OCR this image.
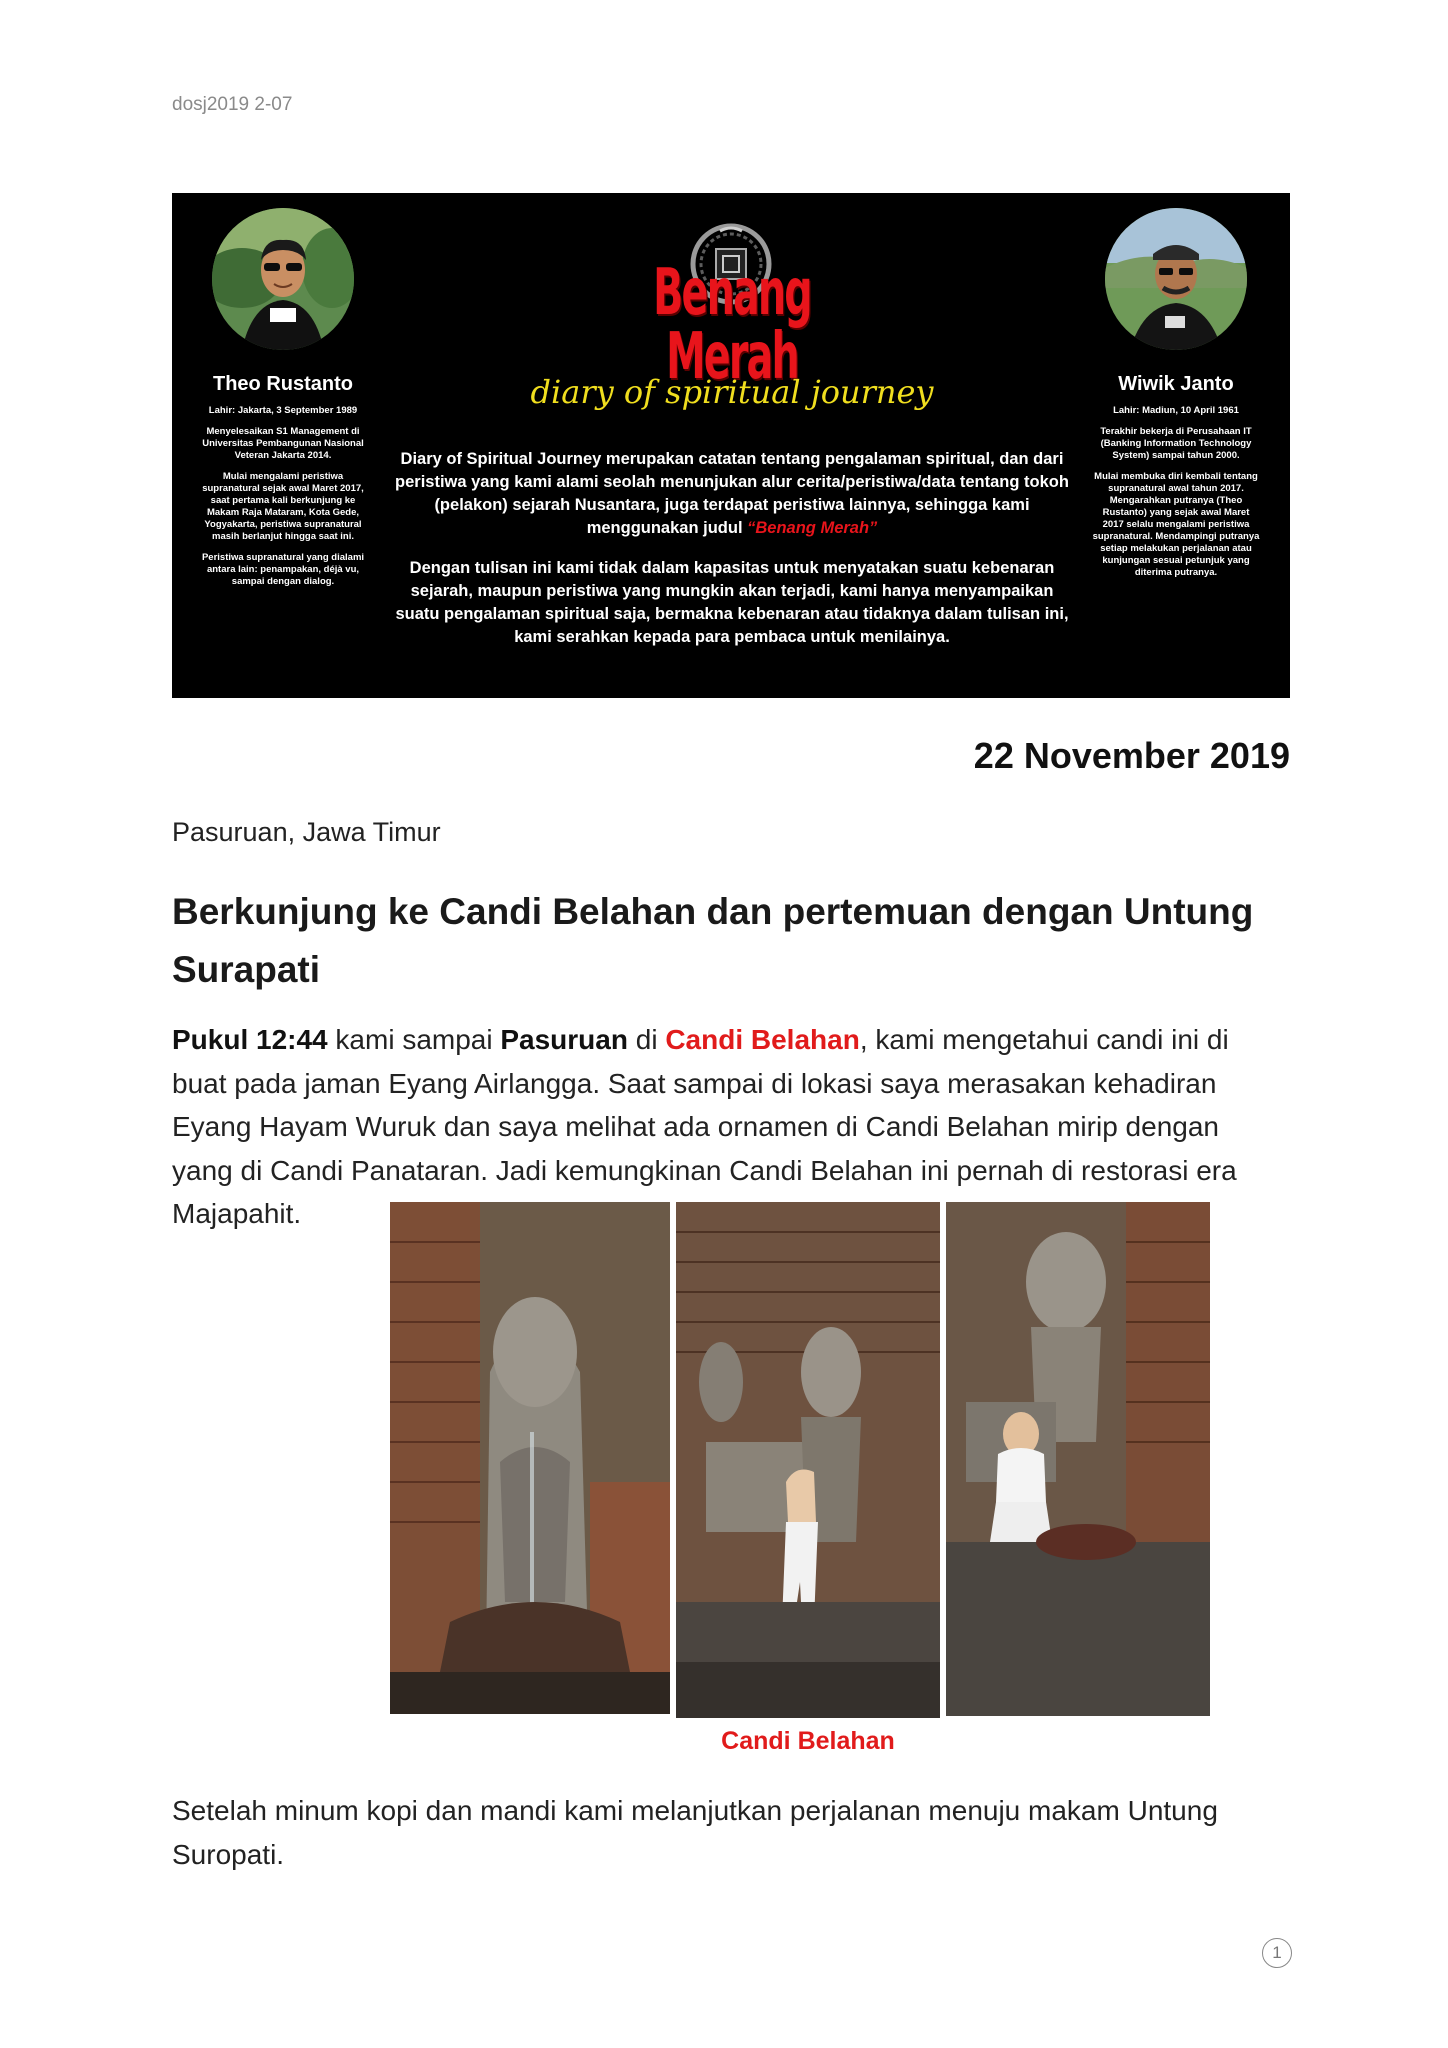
dosj2019 2-07
Theo Rustanto

Lahir: Jakarta, 3 September 1989

Menyelesaikan S1 Management di Universitas Pembangunan Nasional Veteran Jakarta 2014.

Mulai mengalami peristiwa supranatural sejak awal Maret 2017, saat pertama kali berkunjung ke Makam Raja Mataram, Kota Gede, Yogyakarta, peristiwa supranatural masih berlanjut hingga saat ini.

Peristiwa supranatural yang dialami antara lain: penampakan, déjà vu, sampai dengan dialog.

Benang Merah
diary of spiritual journey

Diary of Spiritual Journey merupakan catatan tentang pengalaman spiritual, dan dari peristiwa yang kami alami seolah menunjukan alur cerita/peristiwa/data tentang tokoh (pelakon) sejarah Nusantara, juga terdapat peristiwa lainnya, sehingga kami menggunakan judul “Benang Merah”

Dengan tulisan ini kami tidak dalam kapasitas untuk menyatakan suatu kebenaran sejarah, maupun peristiwa yang mungkin akan terjadi, kami hanya menyampaikan suatu pengalaman spiritual saja, bermakna kebenaran atau tidaknya dalam tulisan ini, kami serahkan kepada para pembaca untuk menilainya.

Wiwik Janto

Lahir: Madiun, 10 April 1961

Terakhir bekerja di Perusahaan IT (Banking Information Technology System) sampai tahun 2000.

Mulai membuka diri kembali tentang supranatural awal tahun 2017. Mengarahkan putranya (Theo Rustanto) yang sejak awal Maret 2017 selalu mengalami peristiwa supranatural. Mendampingi putranya setiap melakukan perjalanan atau kunjungan sesuai petunjuk yang diterima putranya.

22 November 2019
Pasuruan, Jawa Timur
Berkunjung ke Candi Belahan dan pertemuan dengan Untung Surapati
Pukul 12:44 kami sampai Pasuruan di Candi Belahan, kami mengetahui candi ini di buat pada jaman Eyang Airlangga. Saat sampai di lokasi saya merasakan kehadiran Eyang Hayam Wuruk dan saya melihat ada ornamen di Candi Belahan mirip dengan yang di Candi Panataran. Jadi kemungkinan Candi Belahan ini pernah di restorasi era Majapahit.
Candi Belahan
Setelah minum kopi dan mandi kami melanjutkan perjalanan menuju makam Untung Suropati.
1
